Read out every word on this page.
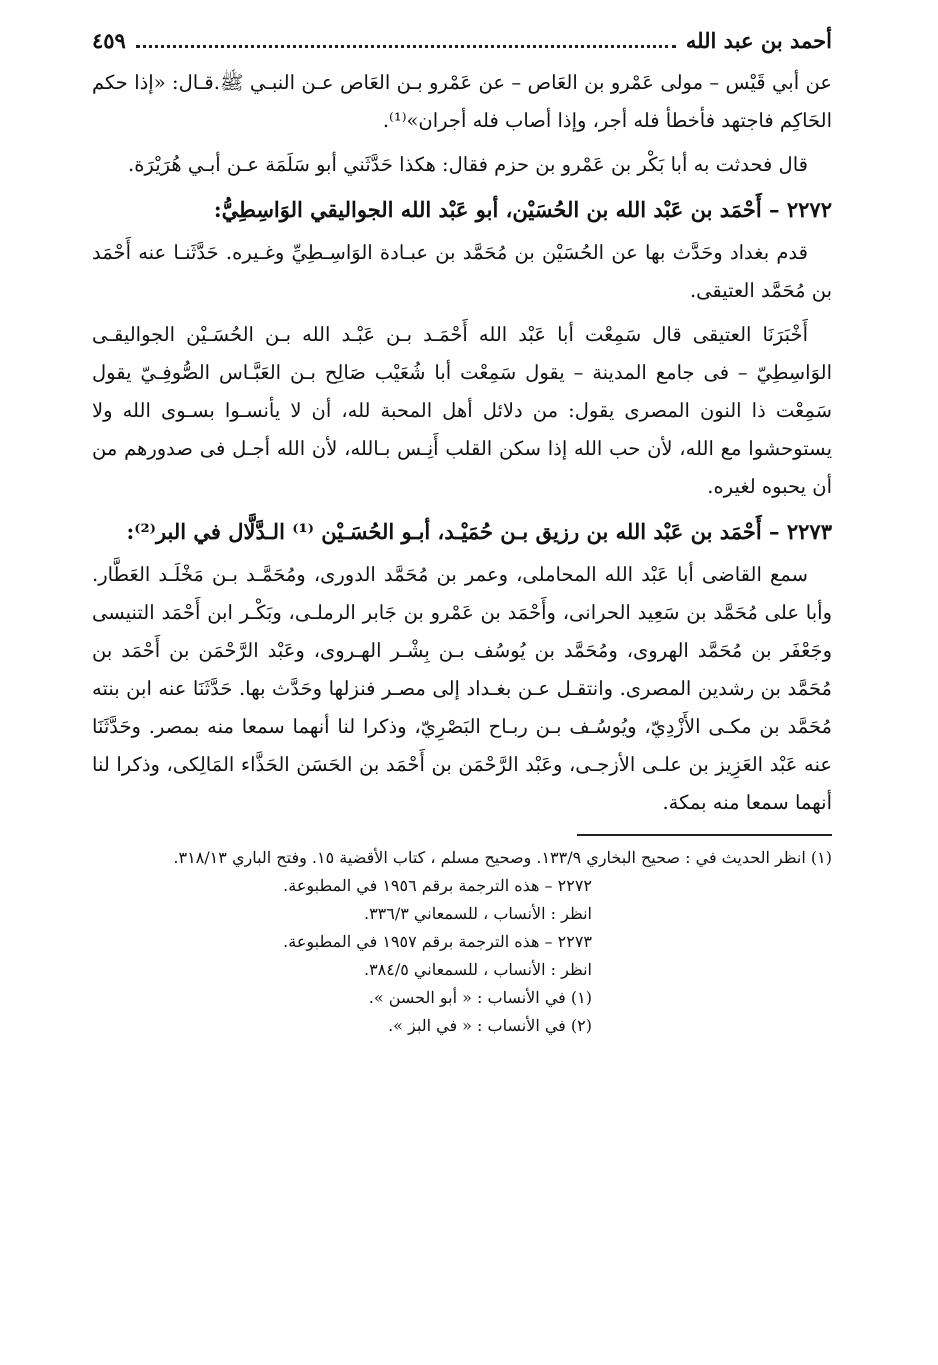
أحمد بن عبد الله
٤٥٩

عن أبي قَيْس – مولى عَمْرو بن العَاص – عن عَمْرو بـن العَاص عـن النبـي ﷺ.قـال: «إذا حكم الحَاكِم فاجتهد فأخطأ فله أجر، وإذا أصاب فله أجران»⁽¹⁾.

قال فحدثت به أبا بَكْر بن عَمْرو بن حزم فقال: هكذا حَدَّثَني أبو سَلَمَة عـن أبـي هُرَيْرَة.

٢٢٧٢ – أَحْمَد بن عَبْد الله بن الحُسَيْن، أبو عَبْد الله الجواليقي الوَاسِطِيُّ:

قدم بغداد وحَدَّث بها عن الحُسَيْن بن مُحَمَّد بن عبـادة الوَاسِـطِيِّ وغـيره. حَدَّثَنـا عنه أَحْمَد بن مُحَمَّد العتيقى.

أَخْبَرَنَا العتيقى قال سَمِعْت أبا عَبْد الله أَحْمَـد بـن عَبْـد الله بـن الحُسَـيْن الجواليقـى الوَاسِطِيّ – فى جامع المدينة – يقول سَمِعْت أبا شُعَيْب صَالِح بـن العَبَّـاس الصُّوفِـيّ يقول سَمِعْت ذا النون المصرى يقول: من دلائل أهل المحبة لله، أن لا يأنسـوا بسـوى الله ولا يستوحشوا مع الله، لأن حب الله إذا سكن القلب أَنِـس بـالله، لأن الله أجـل فى صدورهم من أن يحبوه لغيره.

٢٢٧٣ – أَحْمَد بن عَبْد الله بن رزيق بـن حُمَيْـد، أبـو الحُسَـيْن ⁽¹⁾ الـدَّلَّال في البر⁽²⁾:

سمع القاضى أبا عَبْد الله المحاملى، وعمر بن مُحَمَّد الدورى، ومُحَمَّـد بـن مَخْلَـد العَطَّار. وأبا على مُحَمَّد بن سَعِيد الحرانى، وأَحْمَد بن عَمْرو بن جَابر الرملـى، وبَكْـر ابن أَحْمَد التنيسى وجَعْفَر بن مُحَمَّد الهروى، ومُحَمَّد بن يُوسُف بـن بِشْـر الهـروى، وعَبْد الرَّحْمَن بن أَحْمَد بن مُحَمَّد بن رشدين المصرى. وانتقـل عـن بغـداد إلى مصـر فنزلها وحَدَّث بها. حَدَّثَنَا عنه ابن بنته مُحَمَّد بن مكـى الأَزْدِيّ، ويُوسُـف بـن ربـاح البَصْرِيّ، وذكرا لنا أنهما سمعا منه بمصر. وحَدَّثَنَا عنه عَبْد العَزِيز بن علـى الأزجـى، وعَبْد الرَّحْمَن بن أَحْمَد بن الحَسَن الحَذَّاء المَالِكى، وذكرا لنا أنهما سمعا منه بمكة.

(١) انظر الحديث في : صحيح البخاري ١٣٣/٩. وصحيح مسلم ، كتاب الأقضية ١٥. وفتح الباري ٣١٨/١٣.

٢٢٧٢ – هذه الترجمة برقم ١٩٥٦ في المطبوعة.

انظر : الأنساب ، للسمعاني ٣٣٦/٣.

٢٢٧٣ – هذه الترجمة برقم ١٩٥٧ في المطبوعة.

انظر : الأنساب ، للسمعاني ٣٨٤/٥.

(١) في الأنساب : « أبو الحسن ».

(٢) في الأنساب : « في البز ».
